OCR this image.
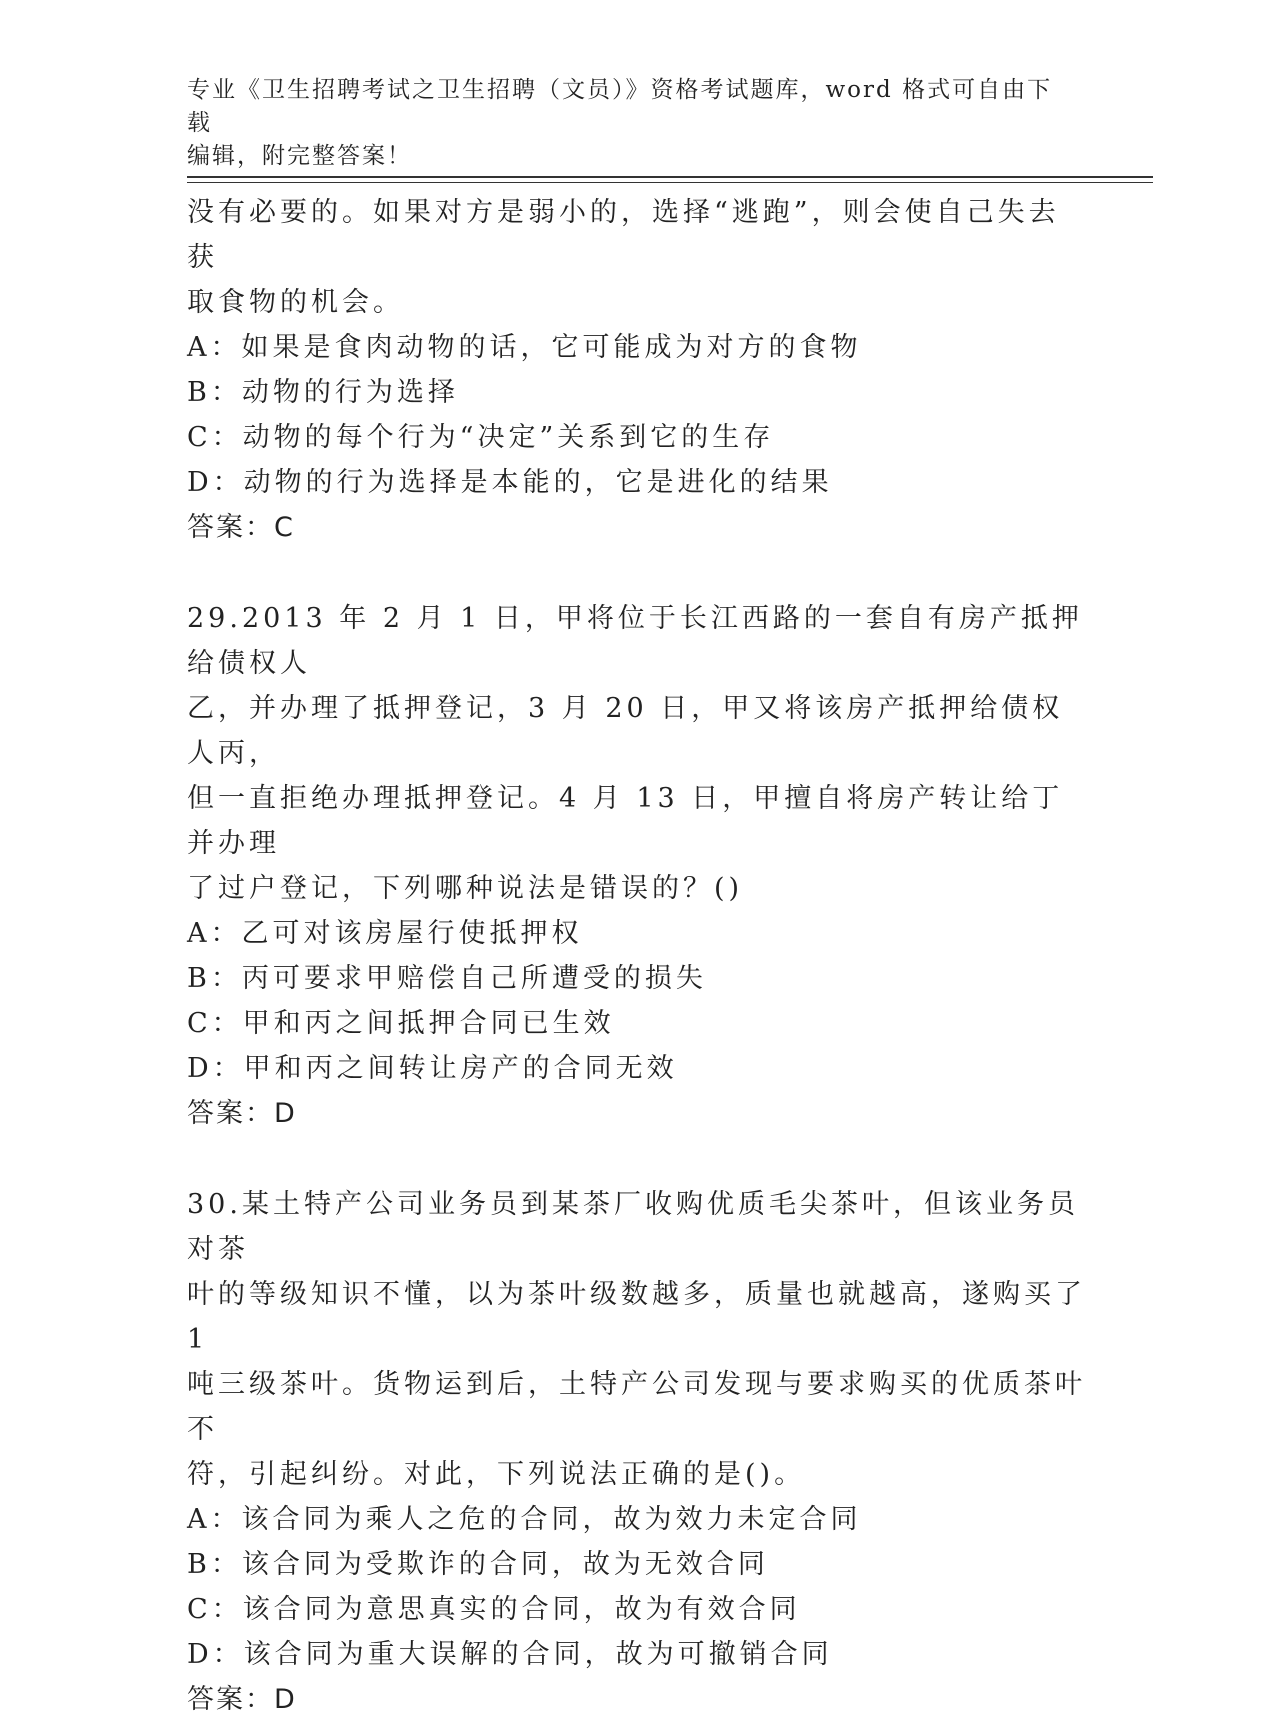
专业《卫生招聘考试之卫生招聘（文员）》资格考试题库，word 格式可自由下载
编辑，附完整答案！

没有必要的。如果对方是弱小的，选择“逃跑”，则会使自己失去获

取食物的机会。

A：如果是食肉动物的话，它可能成为对方的食物

B：动物的行为选择

C：动物的每个行为“决定”关系到它的生存

D：动物的行为选择是本能的，它是进化的结果

答案：C

29.2013 年 2 月 1 日，甲将位于长江西路的一套自有房产抵押给债权人

乙，并办理了抵押登记，3 月 20 日，甲又将该房产抵押给债权人丙，

但一直拒绝办理抵押登记。4 月 13 日，甲擅自将房产转让给丁并办理

了过户登记，下列哪种说法是错误的？()

A：乙可对该房屋行使抵押权

B：丙可要求甲赔偿自己所遭受的损失

C：甲和丙之间抵押合同已生效

D：甲和丙之间转让房产的合同无效

答案：D

30.某土特产公司业务员到某茶厂收购优质毛尖茶叶，但该业务员对茶

叶的等级知识不懂，以为茶叶级数越多，质量也就越高，遂购买了 1

吨三级茶叶。货物运到后，土特产公司发现与要求购买的优质茶叶不

符，引起纠纷。对此，下列说法正确的是()。

A：该合同为乘人之危的合同，故为效力未定合同

B：该合同为受欺诈的合同，故为无效合同

C：该合同为意思真实的合同，故为有效合同

D：该合同为重大误解的合同，故为可撤销合同

答案：D
